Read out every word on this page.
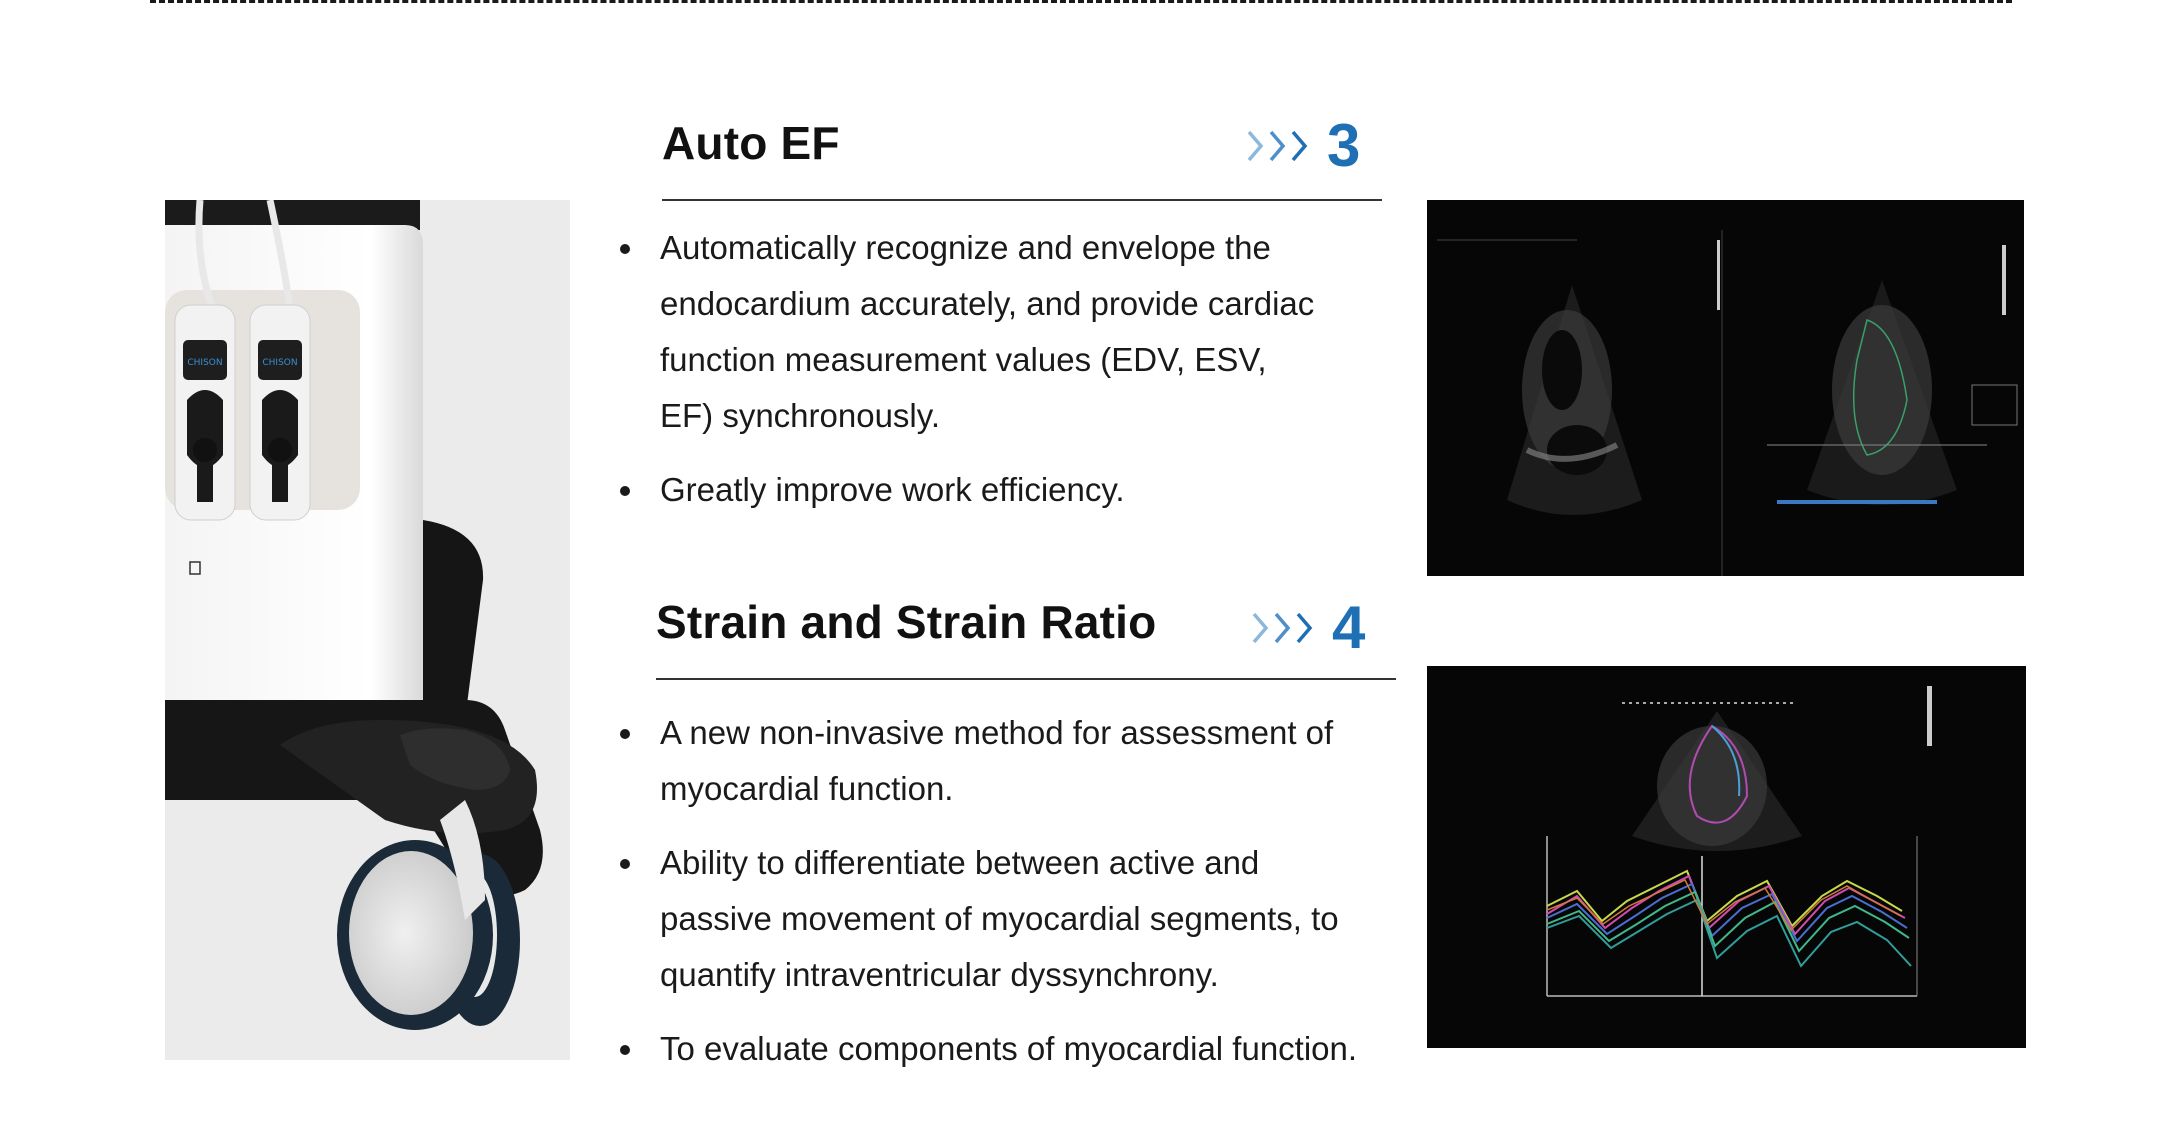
CHISON	CHISON
Auto EF	3
Automatically recognize and envelope the endocardium accurately, and provide cardiac function measurement values (EDV, ESV, EF) synchronously.
Greatly improve work efficiency.
Strain and Strain Ratio	4
A new non-invasive method for assessment of myocardial function.
Ability to differentiate between active and passive movement of myocardial segments, to quantify intraventricular dyssynchrony.
To evaluate components of myocardial function.
